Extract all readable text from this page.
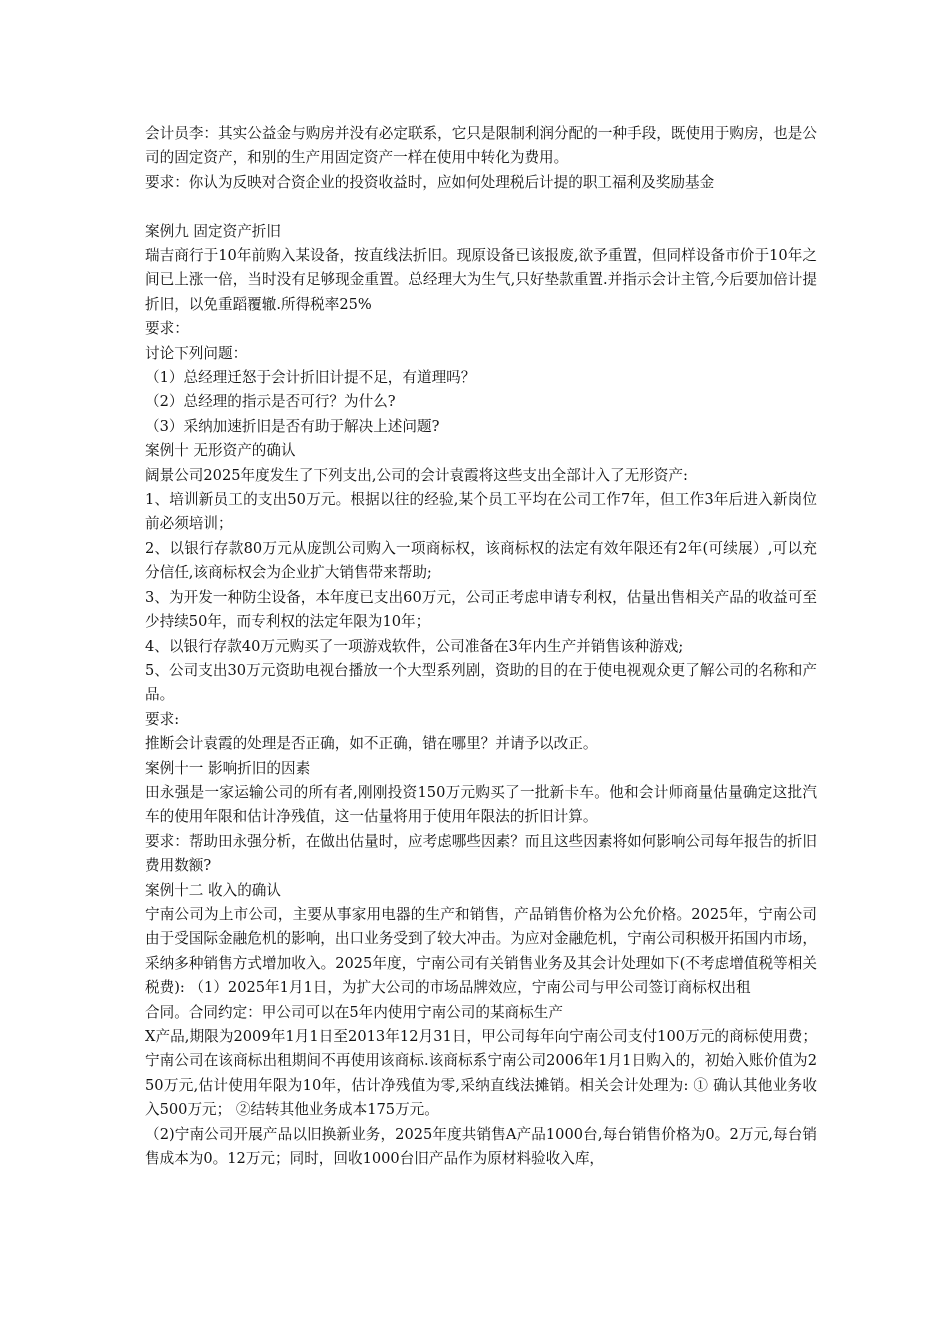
会计员李：其实公益金与购房并没有必定联系，它只是限制利润分配的一种手段，既使用于购房，也是公司的固定资产，和别的生产用固定资产一样在使用中转化为费用。

要求：你认为反映对合资企业的投资收益时，应如何处理税后计提的职工福利及奖励基金

案例九 固定资产折旧

瑞吉商行于10年前购入某设备，按直线法折旧。现原设备已该报废,欲予重置，但同样设备市价于10年之间已上涨一倍，当时没有足够现金重置。总经理大为生气,只好垫款重置.并指示会计主管,今后要加倍计提折旧，以免重蹈覆辙.所得税率25%

要求：

讨论下列问题：

（1）总经理迁怒于会计折旧计提不足，有道理吗？

（2）总经理的指示是否可行？为什么?

（3）采纳加速折旧是否有助于解决上述问题?

案例十 无形资产的确认

阔景公司2025年度发生了下列支出,公司的会计袁霞将这些支出全部计入了无形资产:

1、培训新员工的支出50万元。根据以往的经验,某个员工平均在公司工作7年，但工作3年后进入新岗位前必须培训；

2、以银行存款80万元从庞凯公司购入一项商标权，该商标权的法定有效年限还有2年(可续展）,可以充分信任,该商标权会为企业扩大销售带来帮助;

3、为开发一种防尘设备，本年度已支出60万元，公司正考虑申请专利权，估量出售相关产品的收益可至少持续50年，而专利权的法定年限为10年；

4、以银行存款40万元购买了一项游戏软件，公司准备在3年内生产并销售该种游戏;

5、公司支出30万元资助电视台播放一个大型系列剧，资助的目的在于使电视观众更了解公司的名称和产品。

要求:

推断会计袁霞的处理是否正确，如不正确，错在哪里？并请予以改正。

案例十一 影响折旧的因素

田永强是一家运输公司的所有者,刚刚投资150万元购买了一批新卡车。他和会计师商量估量确定这批汽车的使用年限和估计净残值，这一估量将用于使用年限法的折旧计算。

要求：帮助田永强分析，在做出估量时，应考虑哪些因素？而且这些因素将如何影响公司每年报告的折旧费用数额?

案例十二 收入的确认

宁南公司为上市公司，主要从事家用电器的生产和销售，产品销售价格为公允价格。2025年，宁南公司由于受国际金融危机的影响，出口业务受到了较大冲击。为应对金融危机，宁南公司积极开拓国内市场，采纳多种销售方式增加收入。2025年度，宁南公司有关销售业务及其会计处理如下(不考虑增值税等相关税费): （1）2025年1月1日，为扩大公司的市场品牌效应，宁南公司与甲公司签订商标权出租

合同。合同约定：甲公司可以在5年内使用宁南公司的某商标生产

X产品,期限为2009年1月1日至2013年12月31日，甲公司每年向宁南公司支付100万元的商标使用费；宁南公司在该商标出租期间不再使用该商标.该商标系宁南公司2006年1月1日购入的，初始入账价值为250万元,估计使用年限为10年，估计净残值为零,采纳直线法摊销。相关会计处理为: ① 确认其他业务收入500万元； ②结转其他业务成本175万元。

（2)宁南公司开展产品以旧换新业务，2025年度共销售A产品1000台,每台销售价格为0。2万元,每台销售成本为0。12万元；同时，回收1000台旧产品作为原材料验收入库，
